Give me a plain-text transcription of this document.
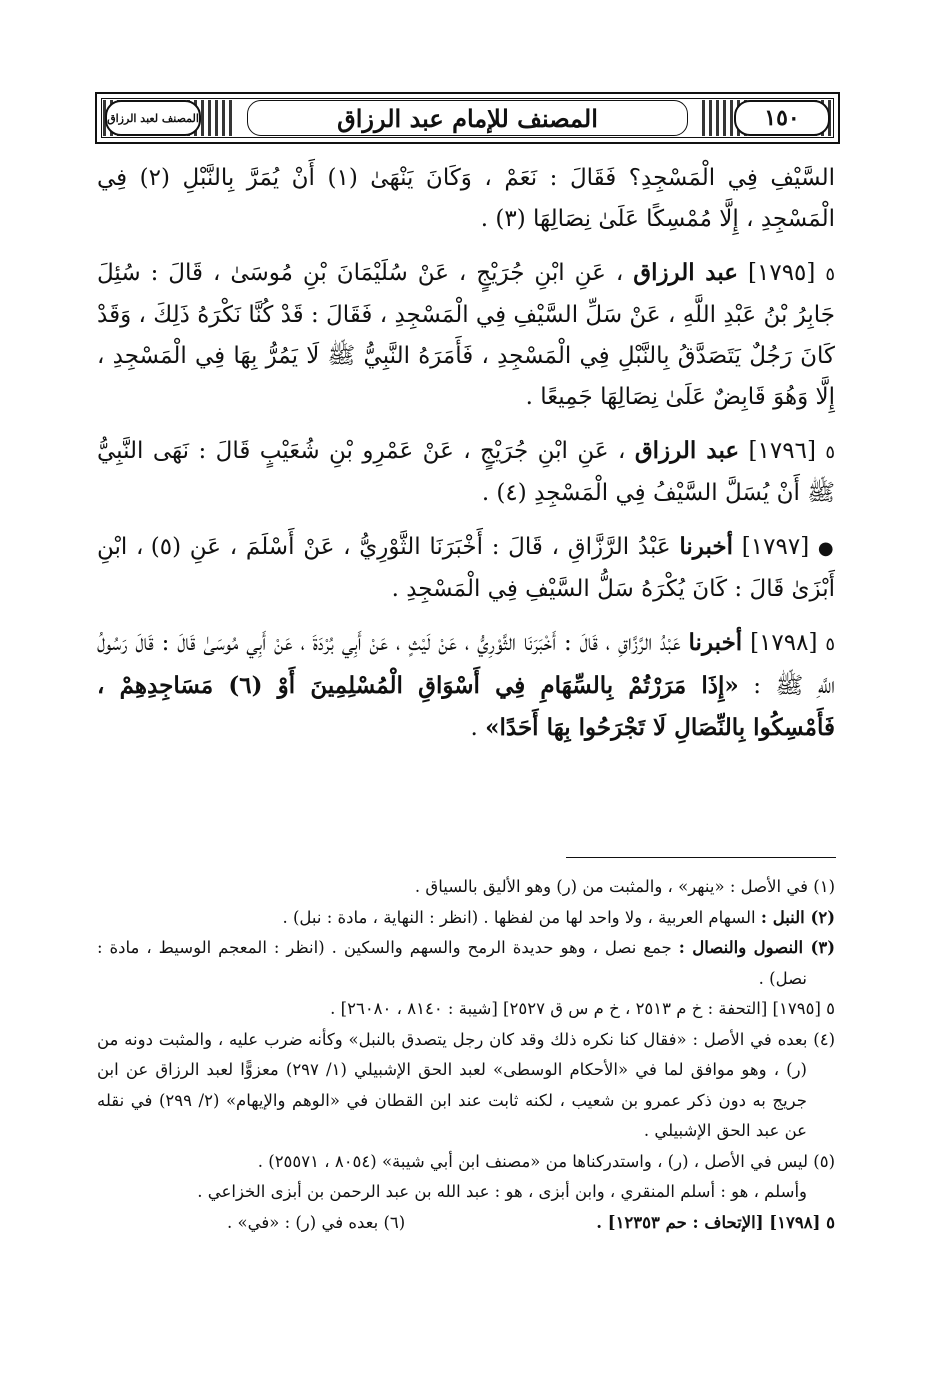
المصنف لعبد الرزاق	المصنف للإمام عبد الرزاق	١٥٠

السَّيْفِ فِي الْمَسْجِدِ؟ فَقَالَ : نَعَمْ ، وَكَانَ يَنْهَىٰ (١) أَنْ يُمَرَّ بِالنَّبْلِ (٢) فِي الْمَسْجِدِ ، إِلَّا مُمْسِكًا عَلَىٰ نِصَالِهَا (٣) .

٥ [١٧٩٥] عبد الرزاق ، عَنِ ابْنِ جُرَيْجٍ ، عَنْ سُلَيْمَانَ بْنِ مُوسَىٰ ، قَالَ : سُئِلَ جَابِرُ بْنُ عَبْدِ اللَّهِ ، عَنْ سَلِّ السَّيْفِ فِي الْمَسْجِدِ ، فَقَالَ : قَدْ كُنَّا نَكْرَهُ ذَلِكَ ، وَقَدْ كَانَ رَجُلٌ يَتَصَدَّقُ بِالنَّبْلِ فِي الْمَسْجِدِ ، فَأَمَرَهُ النَّبِيُّ ﷺ لَا يَمُرُّ بِهَا فِي الْمَسْجِدِ ، إِلَّا وَهُوَ قَابِضٌ عَلَىٰ نِصَالِهَا جَمِيعًا .

٥ [١٧٩٦] عبد الرزاق ، عَنِ ابْنِ جُرَيْجٍ ، عَنْ عَمْرِو بْنِ شُعَيْبٍ قَالَ : نَهَى النَّبِيُّ ﷺ أَنْ يُسَلَّ السَّيْفُ فِي الْمَسْجِدِ (٤) .

● [١٧٩٧] أخبرنا عَبْدُ الرَّزَّاقِ ، قَالَ : أَخْبَرَنَا الثَّوْرِيُّ ، عَنْ أَسْلَمَ ، عَنِ (٥) ، ابْنِ أَبْزَىٰ قَالَ : كَانَ يُكْرَهُ سَلُّ السَّيْفِ فِي الْمَسْجِدِ .

٥ [١٧٩٨] أخبرنا عَبْدُ الرَّزَّاقِ ، قَالَ : أَخْبَرَنَا الثَّوْرِيُّ ، عَنْ لَيْثٍ ، عَنْ أَبِي بُرْدَةَ ، عَنْ أَبِي مُوسَىٰ قَالَ : قَالَ رَسُولُ اللَّهِ ﷺ : «إِذَا مَرَرْتُمْ بِالسِّهَامِ فِي أَسْوَاقِ الْمُسْلِمِينَ أَوْ (٦) مَسَاجِدِهِمْ ، فَأَمْسِكُوا بِالنِّصَالِ لَا تَجْرَحُوا بِهَا أَحَدًا» .

(١) في الأصل : «ينهر» ، والمثبت من (ر) وهو الأليق بالسياق .

(٢) النبل : السهام العربية ، ولا واحد لها من لفظها . (انظر : النهاية ، مادة : نبل) .

(٣) النصول والنصال : جمع نصل ، وهو حديدة الرمح والسهم والسكين . (انظر : المعجم الوسيط ، مادة : نصل) .

٥ [١٧٩٥] [التحفة : خ م ٢٥١٣ ، خ م س ق ٢٥٢٧] [شيبة : ٨١٤٠ ، ٢٦٠٨٠] .

(٤) بعده في الأصل : «فقال كنا نكره ذلك وقد كان رجل يتصدق بالنبل» وكأنه ضرب عليه ، والمثبت دونه من (ر) ، وهو موافق لما في «الأحكام الوسطى» لعبد الحق الإشبيلي (١/ ٢٩٧) معزوًّا لعبد الرزاق عن ابن جريج به دون ذكر عمرو بن شعيب ، لكنه ثابت عند ابن القطان في «الوهم والإيهام» (٢/ ٢٩٩) في نقله عن عبد الحق الإشبيلي .

(٥) ليس في الأصل ، (ر) ، واستدركناها من «مصنف ابن أبي شيبة» (٨٠٥٤ ، ٢٥٥٧١) .

وأسلم ، هو : أسلم المنقري ، وابن أبزى ، هو : عبد الله بن عبد الرحمن بن أبزى الخزاعي .

٥ [١٧٩٨] [الإتحاف : حم ١٢٣٥٣] .
(٦) بعده في (ر) : «في» .
